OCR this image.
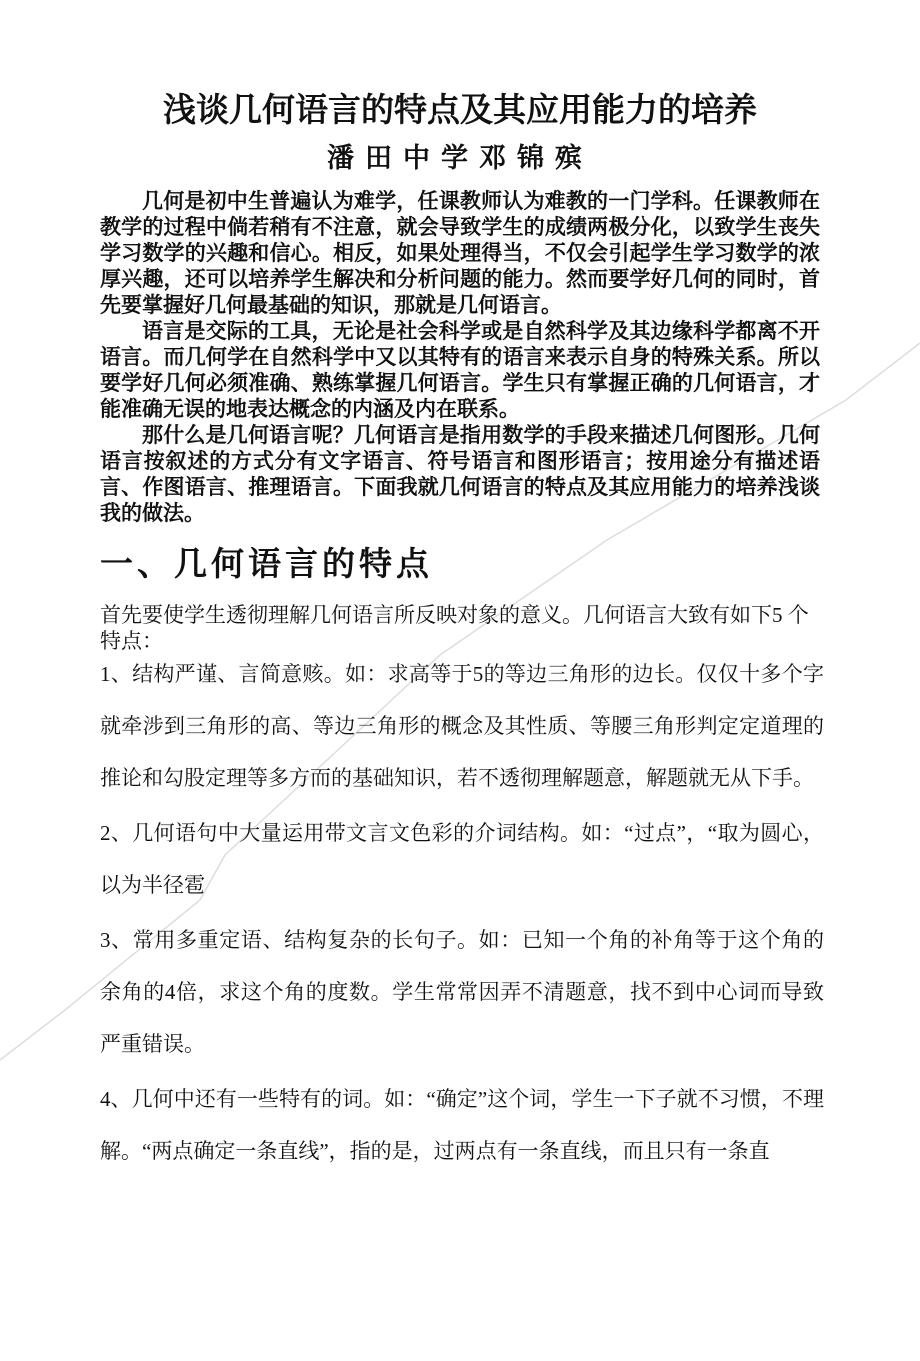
浅谈几何语言的特点及其应用能力的培养
潘田中学邓锦殡

几何是初中生普遍认为难学，任课教师认为难教的一门学科。任课教师在教学的过程中倘若稍有不注意，就会导致学生的成绩两极分化，以致学生丧失学习数学的兴趣和信心。相反，如果处理得当，不仅会引起学生学习数学的浓厚兴趣，还可以培养学生解决和分析问题的能力。然而要学好几何的同时，首先要掌握好几何最基础的知识，那就是几何语言。

语言是交际的工具，无论是社会科学或是自然科学及其边缘科学都离不开语言。而几何学在自然科学中又以其特有的语言来表示自身的特殊关系。所以要学好几何必须准确、熟练掌握几何语言。学生只有掌握正确的几何语言，才能准确无误的地表达概念的内涵及内在联系。

那什么是几何语言呢？几何语言是指用数学的手段来描述几何图形。几何语言按叙述的方式分有文字语言、符号语言和图形语言；按用途分有描述语言、作图语言、推理语言。下面我就几何语言的特点及其应用能力的培养浅谈我的做法。

一、几何语言的特点

首先要使学生透彻理解几何语言所反映对象的意义。几何语言大致有如下5 个特点：

1、结构严谨、言简意赅。如：求高等于5的等边三角形的边长。仅仅十多个字就牵涉到三角形的高、等边三角形的概念及其性质、等腰三角形判定定道理的推论和勾股定理等多方而的基础知识，若不透彻理解题意，解题就无从下手。

2、几何语句中大量运用带文言文色彩的介词结构。如：“过点”，“取为圆心，以为半径雹

3、常用多重定语、结构复杂的长句子。如：已知一个角的补角等于这个角的余角的4倍，求这个角的度数。学生常常因弄不清题意，找不到中心词而导致严重错误。

4、几何中还有一些特有的词。如：“确定”这个词，学生一下子就不习惯，不理解。“两点确定一条直线”，指的是，过两点有一条直线，而且只有一条直
